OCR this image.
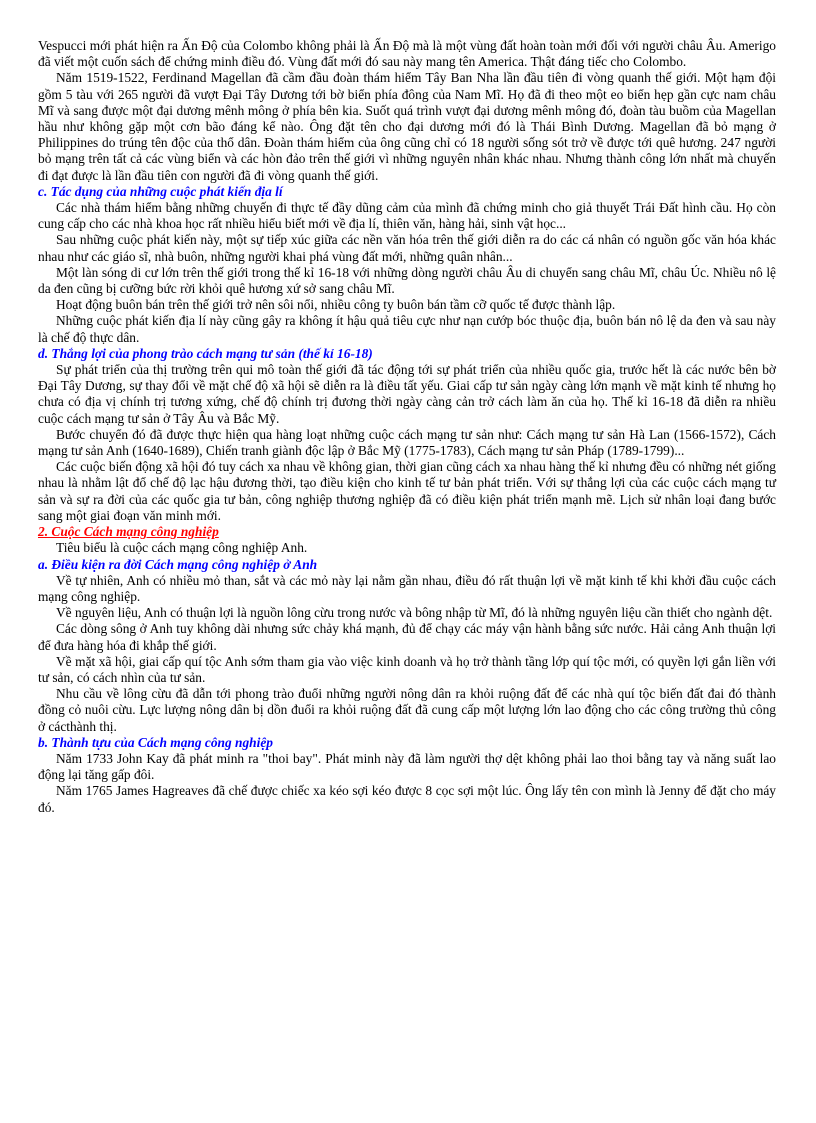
Vespucci mới phát hiện ra Ấn Độ của Colombo không phải là Ấn Độ mà là một vùng đất hoàn toàn mới đối với người châu Âu. Amerigo đã viết một cuốn sách để chứng minh điều đó. Vùng đất mới đó sau này mang tên America. Thật đáng tiếc cho Colombo.

Năm 1519-1522, Ferdinand Magellan đã cầm đầu đoàn thám hiểm Tây Ban Nha lần đầu tiên đi vòng quanh thế giới. Một hạm đội gồm 5 tàu với 265 người đã vượt Đại Tây Dương tới bờ biển phía đông của Nam Mĩ. Họ đã đi theo một eo biển hẹp gần cực nam châu Mĩ và sang được một đại dương mênh mông ở phía bên kia. Suốt quá trình vượt đại dương mênh mông đó, đoàn tàu buồm của Magellan hầu như không gặp một cơn bão đáng kể nào. Ông đặt tên cho đại dương mới đó là Thái Bình Dương. Magellan đã bỏ mạng ở Philippines do trúng tên độc của thổ dân. Đoàn thám hiểm của ông cũng chỉ có 18 người sống sót trở về được tới quê hương. 247 người bỏ mạng trên tất cả các vùng biển và các hòn đảo trên thế giới vì những nguyên nhân khác nhau. Nhưng thành công lớn nhất mà chuyến đi đạt được là lần đầu tiên con người đã đi vòng quanh thế giới.

c. Tác dụng của những cuộc phát kiến địa lí

Các nhà thám hiểm bằng những chuyến đi thực tế đầy dũng cảm của mình đã chứng minh cho giả thuyết Trái Đất hình cầu. Họ còn cung cấp cho các nhà khoa học rất nhiều hiểu biết mới về địa lí, thiên văn, hàng hải, sinh vật học...

Sau những cuộc phát kiến này, một sự tiếp xúc giữa các nền văn hóa trên thế giới diễn ra do các cá nhân có nguồn gốc văn hóa khác nhau như các giáo sĩ, nhà buôn, những người khai phá vùng đất mới, những quân nhân...

Một làn sóng di cư lớn trên thế giới trong thế kỉ 16-18 với những dòng người châu Âu di chuyển sang châu Mĩ, châu Úc. Nhiều nô lệ da đen cũng bị cưỡng bức rời khỏi quê hương xứ sở sang châu Mĩ.

Hoạt động buôn bán trên thế giới trở nên sôi nổi, nhiều công ty buôn bán tầm cỡ quốc tế được thành lập.

Những cuộc phát kiến địa lí này cũng gây ra không ít hậu quả tiêu cực như nạn cướp bóc thuộc địa, buôn bán nô lệ da đen và sau này là chế độ thực dân.

d. Thắng lợi của phong trào cách mạng tư sản (thế kỉ 16-18)

Sự phát triển của thị trường trên qui mô toàn thế giới đã tác động tới sự phát triển của nhiều quốc gia, trước hết là các nước bên bờ Đại Tây Dương, sự thay đổi về mặt chế độ xã hội sẽ diễn ra là điều tất yếu. Giai cấp tư sản ngày càng lớn mạnh về mặt kinh tế nhưng họ chưa có địa vị chính trị tương xứng, chế độ chính trị đương thời ngày càng cản trở cách làm ăn của họ. Thế kỉ 16-18 đã diễn ra nhiều cuộc cách mạng tư sản ở Tây Âu và Bắc Mỹ.

Bước chuyển đó đã được thực hiện qua hàng loạt những cuộc cách mạng tư sản như: Cách mạng tư sản Hà Lan (1566-1572), Cách mạng tư sản Anh (1640-1689), Chiến tranh giành độc lập ở Bắc Mỹ (1775-1783), Cách mạng tư sản Pháp (1789-1799)...

Các cuộc biến động xã hội đó tuy cách xa nhau về không gian, thời gian cũng cách xa nhau hàng thế kỉ nhưng đều có những nét giống nhau là nhằm lật đổ chế độ lạc hậu đương thời, tạo điều kiện cho kinh tế tư bản phát triển. Với sự thắng lợi của các cuộc cách mạng tư sản và sự ra đời của các quốc gia tư bản, công nghiệp thương nghiệp đã có điều kiện phát triển mạnh mẽ. Lịch sử nhân loại đang bước sang một giai đoạn văn minh mới.

2. Cuộc Cách mạng công nghiệp

Tiêu biểu là cuộc cách mạng công nghiệp Anh.

a. Điều kiện ra đời Cách mạng công nghiệp ở Anh

Về tự nhiên, Anh có nhiều mỏ than, sắt và các mỏ này lại nằm gần nhau, điều đó rất thuận lợi về mặt kinh tế khi khởi đầu cuộc cách mạng công nghiệp.

Về nguyên liệu, Anh có thuận lợi là nguồn lông cừu trong nước và bông nhập từ Mĩ, đó là những nguyên liệu cần thiết cho ngành dệt.

Các dòng sông ở Anh tuy không dài nhưng sức chảy khá mạnh, đủ để chạy các máy vận hành bằng sức nước. Hải cảng Anh thuận lợi để đưa hàng hóa đi khắp thế giới.

Về mặt xã hội, giai cấp quí tộc Anh sớm tham gia vào việc kinh doanh và họ trở thành tầng lớp quí tộc mới, có quyền lợi gắn liền với tư sản, có cách nhìn của tư sản.

Nhu cầu về lông cừu đã dẫn tới phong trào đuổi những người nông dân ra khỏi ruộng đất để các nhà quí tộc biến đất đai đó thành đồng cỏ nuôi cừu. Lực lượng nông dân bị dồn đuổi ra khỏi ruộng đất đã cung cấp một lượng lớn lao động cho các công trường thủ công ở cácthành thị.

b. Thành tựu của Cách mạng công nghiệp

Năm 1733 John Kay đã phát minh ra "thoi bay". Phát minh này đã làm người thợ dệt không phải lao thoi bằng tay và năng suất lao động lại tăng gấp đôi.

Năm 1765 James Hagreaves đã chế được chiếc xa kéo sợi kéo được 8 cọc sợi một lúc. Ông lấy tên con mình là Jenny để đặt cho máy đó.
